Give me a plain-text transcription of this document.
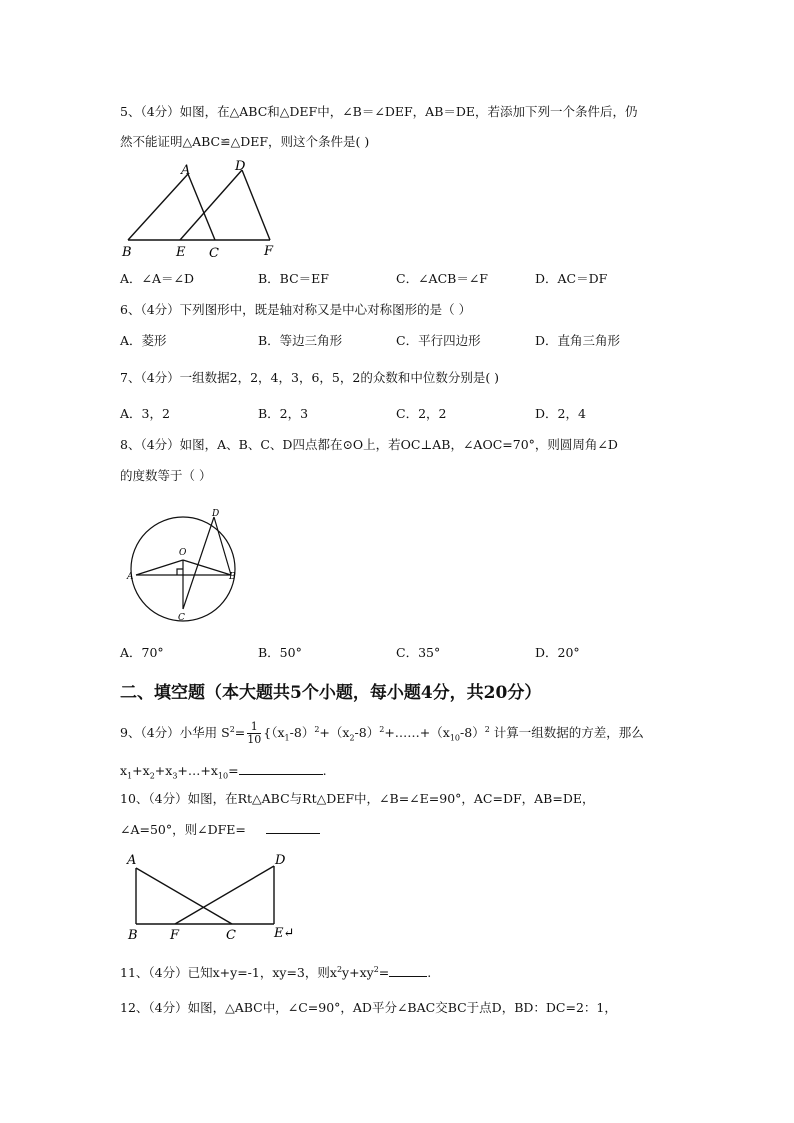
5、（4分）如图，在△ABC和△DEF中，∠B＝∠DEF，AB＝DE，若添加下列一个条件后，仍
然不能证明△ABC≌△DEF，则这个条件是( )
A	D
B	E C	F
A．∠A＝∠D	B．BC＝EF	C．∠ACB＝∠F	D．AC＝DF
6、（4分）下列图形中，既是轴对称又是中心对称图形的是（ ）
A．菱形	B．等边三角形	C．平行四边形	D．直角三角形
7、（4分）一组数据2，2，4，3，6，5，2的众数和中位数分别是( )
A．3，2	B．2，3	C．2，2	D．2，4
8、（4分）如图，A、B、C、D四点都在⊙O上，若OC⊥AB，∠AOC=70°，则圆周角∠D
的度数等于（ ）
O
A	B
C
D
A．70°	B．50°	C．35°	D．20°
二、填空题（本大题共5个小题，每小题4分，共20分）
9、（4分）小华用 $S^2= \frac{1}{10}$ {$(x_1-8)^2+(x_2-8)^2+\dots\dots+(x_{10}-8)^2$ 计算一组数据的方差，那么
$x_1+x_2+x_3+\dots+x_{10}=$	.
10、（4分）如图，在Rt△ABC与Rt△DEF中，∠B=∠E=90°，AC=DF，AB=DE，
∠A=50°，则∠DFE=
A	D
B F	C	E↵
11、（4分）已知x+y=-1，xy=3，则$x^2y+xy^2=$	.
12、（4分）如图，△ABC中，∠C=90°，AD平分∠BAC交BC于点D，BD：DC=2：1，
